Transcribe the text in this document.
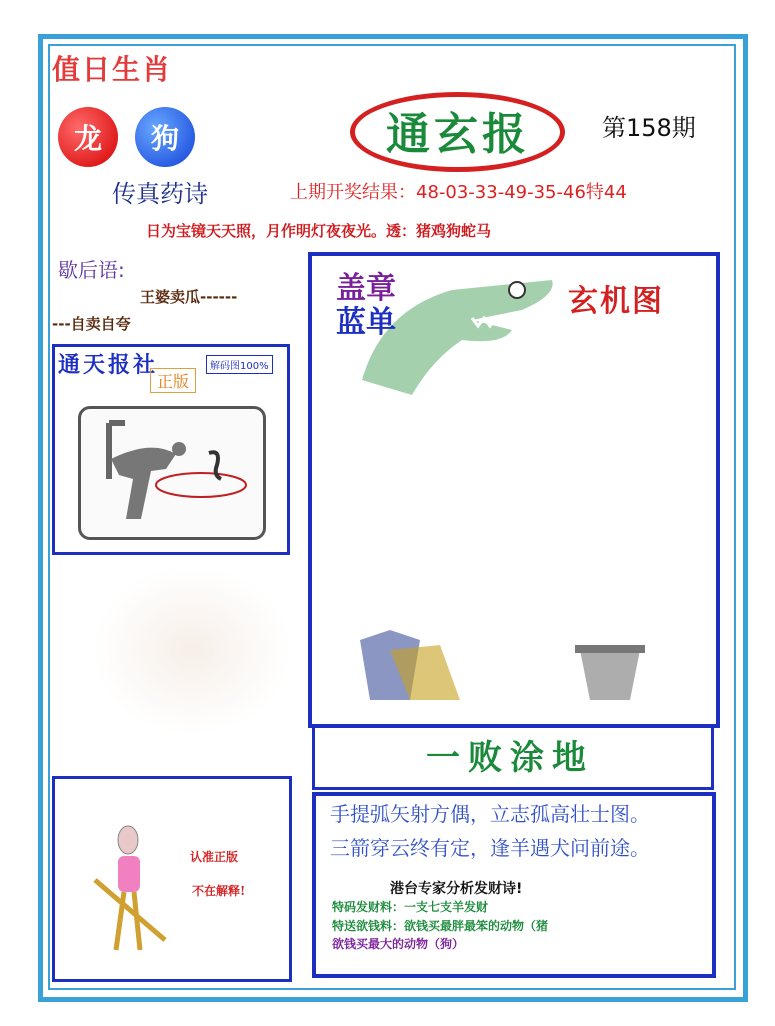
值日生肖
龙	狗	通玄报	第158期
传真药诗	上期开奖结果：48-03-33-49-35-46特44
日为宝镜天天照，月作明灯夜夜光。透：猪鸡狗蛇马
歇后语:
王婆卖瓜------
---自卖自夸
通天报社	解码图100%
正版
盖章
蓝单
玄机图
一败涂地
手提弧矢射方偶，立志孤高壮士图。
三箭穿云终有定，逢羊遇犬问前途。
港台专家分析发财诗!
特码发财料：一支七支羊发财
特送欲钱料：欲钱买最胖最笨的动物（猪
欲钱买最大的动物（狗）
认准正版
不在解释!
